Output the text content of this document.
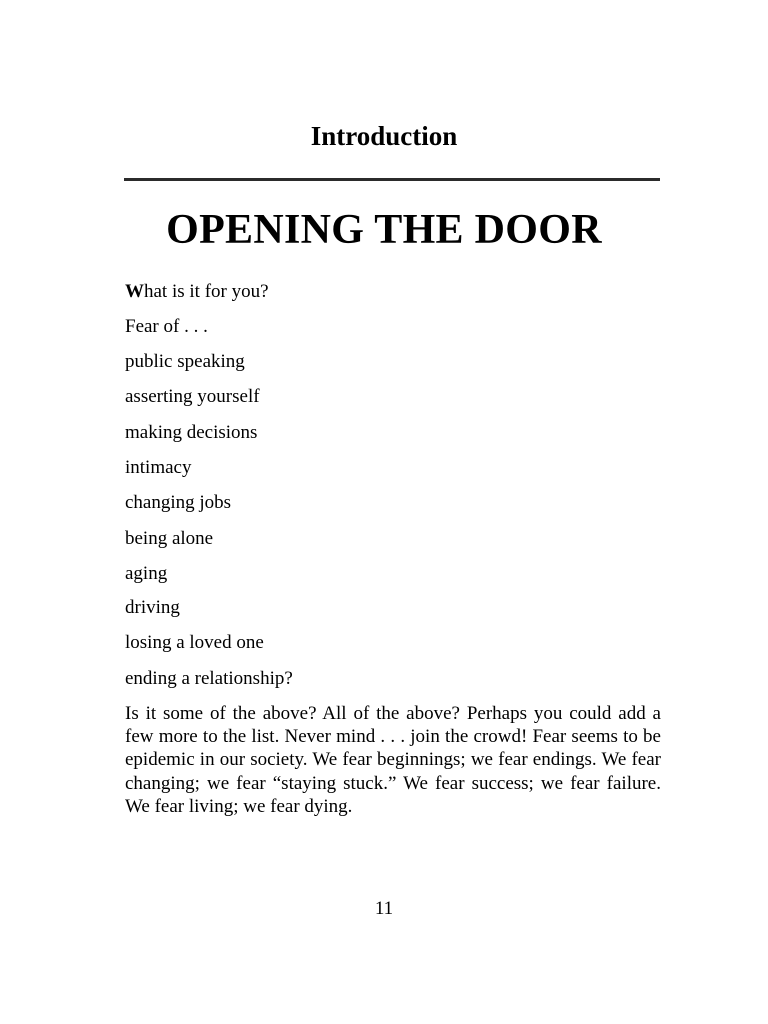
Introduction
OPENING THE DOOR

What is it for you?

Fear of . . .

public speaking

asserting yourself

making decisions

intimacy

changing jobs

being alone

aging

driving

losing a loved one

ending a relationship?

Is it some of the above? All of the above? Perhaps you could add a few more to the list. Never mind . . . join the crowd! Fear seems to be epidemic in our society. We fear beginnings; we fear endings. We fear changing; we fear “staying stuck.” We fear success; we fear failure. We fear living; we fear dying.

11
